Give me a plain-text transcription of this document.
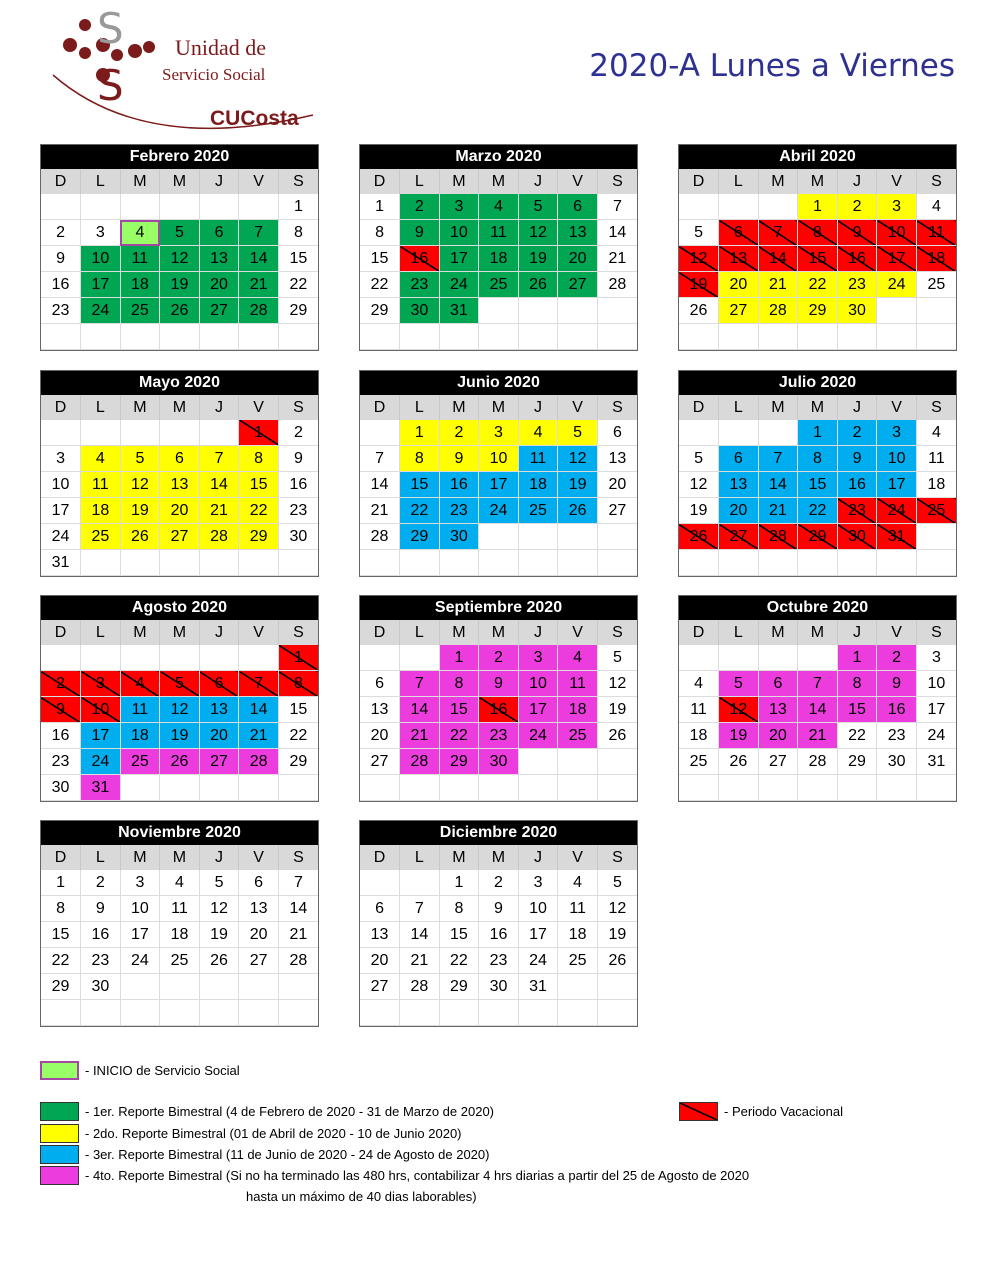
S
S
Unidad de
Servicio Social
CUCosta
2020-A Lunes a Viernes
Febrero 2020
D	L	M	M	J	V	S
						1
2	3	4	5	6	7	8
9	10	11	12	13	14	15
16	17	18	19	20	21	22
23	24	25	26	27	28	29

Marzo 2020
D	L	M	M	J	V	S
1	2	3	4	5	6	7
8	9	10	11	12	13	14
15	16	17	18	19	20	21
22	23	24	25	26	27	28
29	30	31				

Abril 2020
D	L	M	M	J	V	S
			1	2	3	4
5	6	7	8	9	10	11
12	13	14	15	16	17	18
19	20	21	22	23	24	25
26	27	28	29	30		

Mayo 2020
D	L	M	M	J	V	S
					1	2
3	4	5	6	7	8	9
10	11	12	13	14	15	16
17	18	19	20	21	22	23
24	25	26	27	28	29	30
31						
Junio 2020
D	L	M	M	J	V	S
	1	2	3	4	5	6
7	8	9	10	11	12	13
14	15	16	17	18	19	20
21	22	23	24	25	26	27
28	29	30				

Julio 2020
D	L	M	M	J	V	S
			1	2	3	4
5	6	7	8	9	10	11
12	13	14	15	16	17	18
19	20	21	22	23	24	25
26	27	28	29	30	31	

Agosto 2020
D	L	M	M	J	V	S
						1
2	3	4	5	6	7	8
9	10	11	12	13	14	15
16	17	18	19	20	21	22
23	24	25	26	27	28	29
30	31					
Septiembre 2020
D	L	M	M	J	V	S
		1	2	3	4	5
6	7	8	9	10	11	12
13	14	15	16	17	18	19
20	21	22	23	24	25	26
27	28	29	30			

Octubre 2020
D	L	M	M	J	V	S
				1	2	3
4	5	6	7	8	9	10
11	12	13	14	15	16	17
18	19	20	21	22	23	24
25	26	27	28	29	30	31

Noviembre 2020
D	L	M	M	J	V	S
1	2	3	4	5	6	7
8	9	10	11	12	13	14
15	16	17	18	19	20	21
22	23	24	25	26	27	28
29	30					

Diciembre 2020
D	L	M	M	J	V	S
		1	2	3	4	5
6	7	8	9	10	11	12
13	14	15	16	17	18	19
20	21	22	23	24	25	26
27	28	29	30	31		

- INICIO de Servicio Social
- 1er. Reporte Bimestral (4 de Febrero de 2020 - 31 de Marzo de 2020)
- 2do. Reporte Bimestral (01 de Abril de 2020 - 10 de Junio 2020)
- 3er. Reporte Bimestral (11 de Junio de 2020 - 24 de Agosto de 2020)
- 4to. Reporte Bimestral (Si no ha terminado las 480 hrs, contabilizar 4 hrs diarias a partir del 25 de Agosto de 2020
hasta un máximo de 40 dias laborables)
- Periodo Vacacional
